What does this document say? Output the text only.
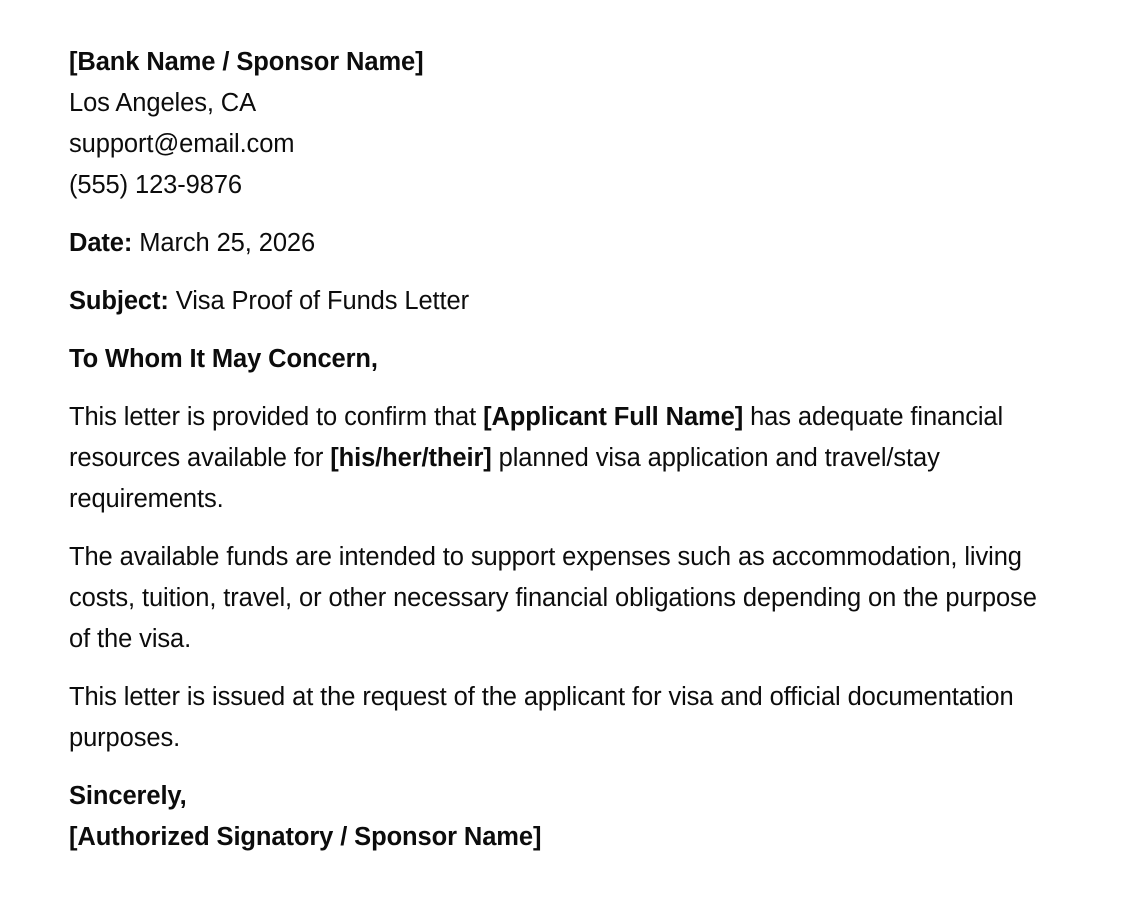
[Bank Name / Sponsor Name]
Los Angeles, CA
support@email.com
(555) 123-9876
Date: March 25, 2026
Subject: Visa Proof of Funds Letter
To Whom It May Concern,
This letter is provided to confirm that [Applicant Full Name] has adequate financial resources available for [his/her/their] planned visa application and travel/stay requirements.
The available funds are intended to support expenses such as accommodation, living costs, tuition, travel, or other necessary financial obligations depending on the purpose of the visa.
This letter is issued at the request of the applicant for visa and official documentation purposes.
Sincerely,
[Authorized Signatory / Sponsor Name]
